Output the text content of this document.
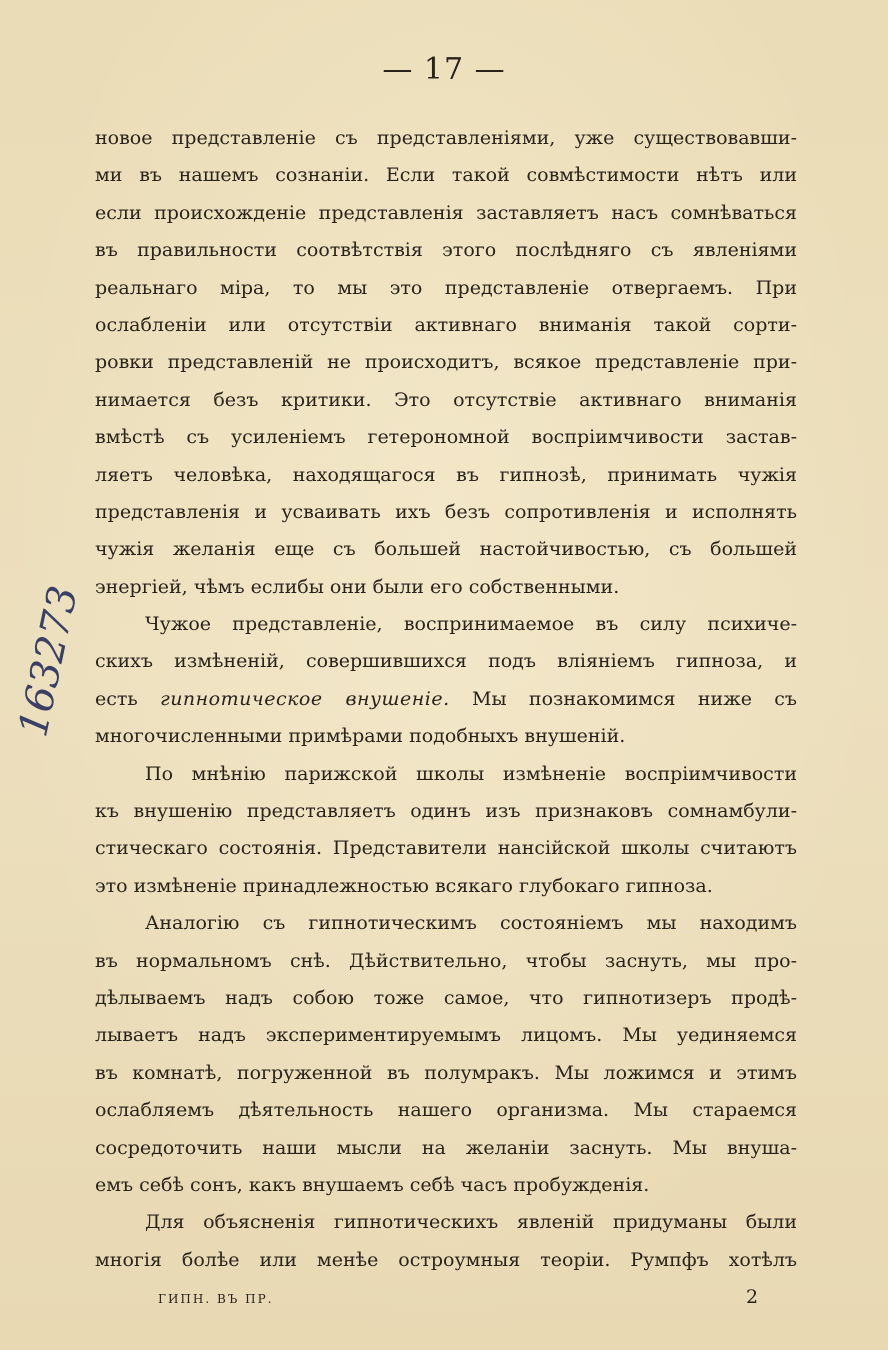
— 17 —
новое представленіе съ представленіями, уже существовавши-
ми въ нашемъ сознаніи. Если такой совмѣстимости нѣтъ или
если происхожденіе представленія заставляетъ насъ сомнѣваться
въ правильности соотвѣтствія этого послѣдняго съ явленіями
реальнаго міра, то мы это представленіе отвергаемъ. При
ослабленіи или отсутствіи активнаго вниманія такой сорти-
ровки представленій не происходитъ, всякое представленіе при-
нимается безъ критики. Это отсутствіе активнаго вниманія
вмѣстѣ съ усиленіемъ гетерономной воспріимчивости застав-
ляетъ человѣка, находящагося въ гипнозѣ, принимать чужія
представленія и усваивать ихъ безъ сопротивленія и исполнять
чужія желанія еще съ большей настойчивостью, съ большей
энергіей, чѣмъ еслибы они были его собственными.
Чужое представленіе, воспринимаемое въ силу психиче-
скихъ измѣненій, совершившихся подъ вліяніемъ гипноза, и
есть гипнотическое внушеніе. Мы познакомимся ниже съ
многочисленными примѣрами подобныхъ внушеній.
По мнѣнію парижской школы измѣненіе воспріимчивости
къ внушенію представляетъ одинъ изъ признаковъ сомнамбули-
стическаго состоянія. Представители нансійской школы считаютъ
это измѣненіе принадлежностью всякаго глубокаго гипноза.
Аналогію съ гипнотическимъ состояніемъ мы находимъ
въ нормальномъ снѣ. Дѣйствительно, чтобы заснуть, мы про-
дѣлываемъ надъ собою тоже самое, что гипнотизеръ продѣ-
лываетъ надъ экспериментируемымъ лицомъ. Мы уединяемся
въ комнатѣ, погруженной въ полумракъ. Мы ложимся и этимъ
ослабляемъ дѣятельность нашего организма. Мы стараемся
сосредоточить наши мысли на желаніи заснуть. Мы внуша-
емъ себѣ сонъ, какъ внушаемъ себѣ часъ пробужденія.
Для объясненія гипнотическихъ явленій придуманы были
многія болѣе или менѣе остроумныя теоріи. Румпфъ хотѣлъ
163273
ГИПН. ВЪ ПР.	2
